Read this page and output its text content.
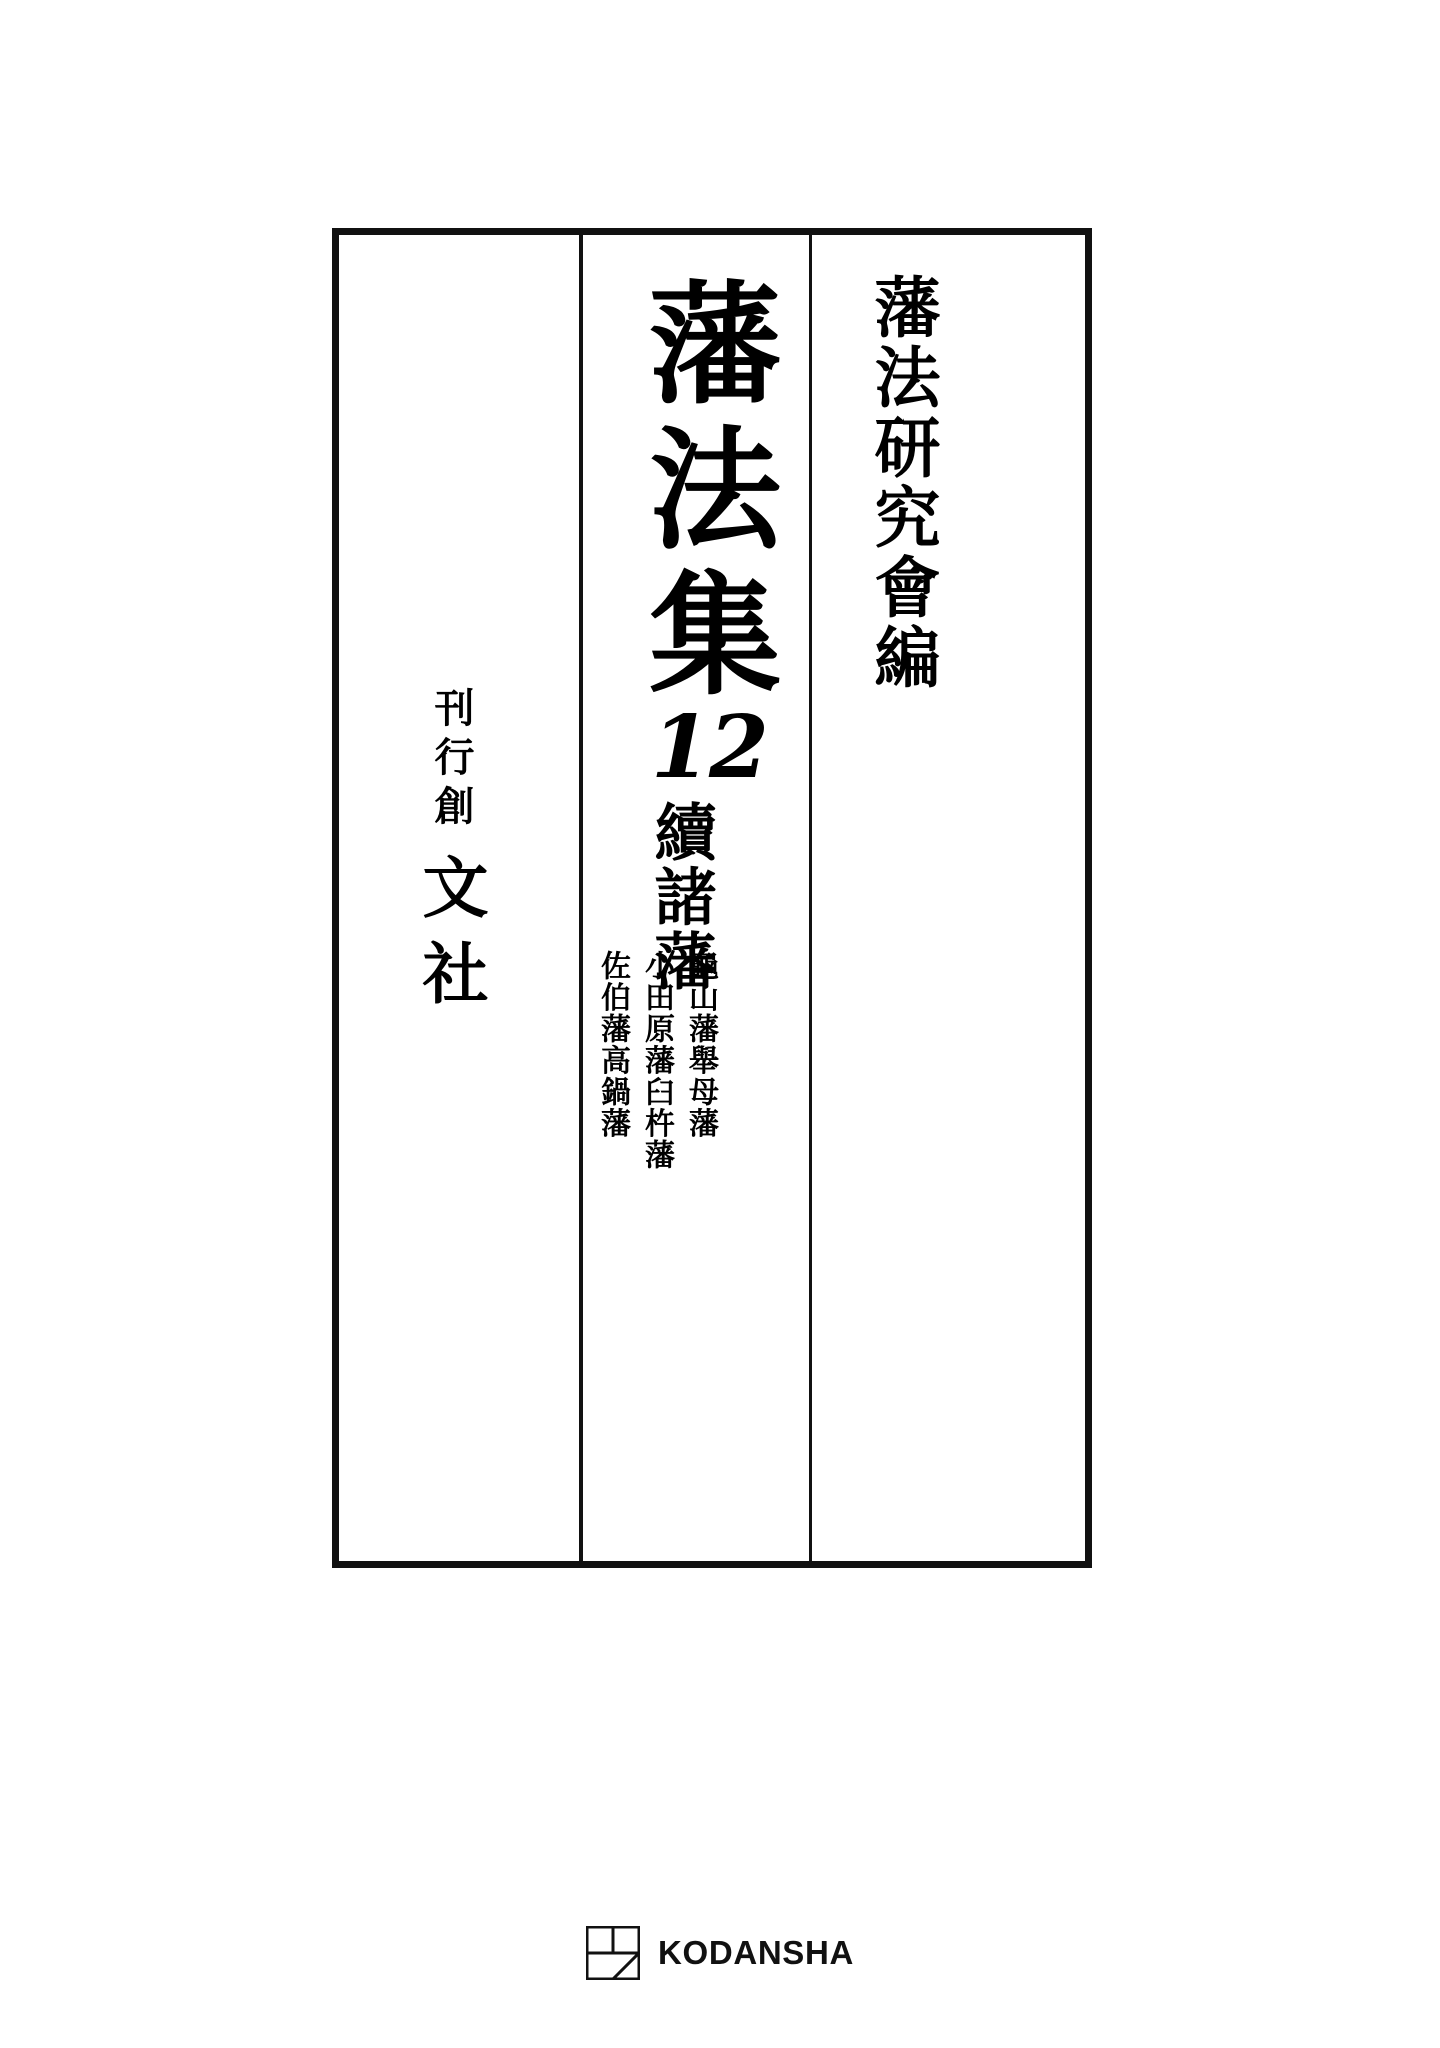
藩法研究會編
藩法集
12
續諸藩
龜山藩舉母藩
小田原藩臼杵藩
佐伯藩高鍋藩
刊行創
文社
KODANSHA
